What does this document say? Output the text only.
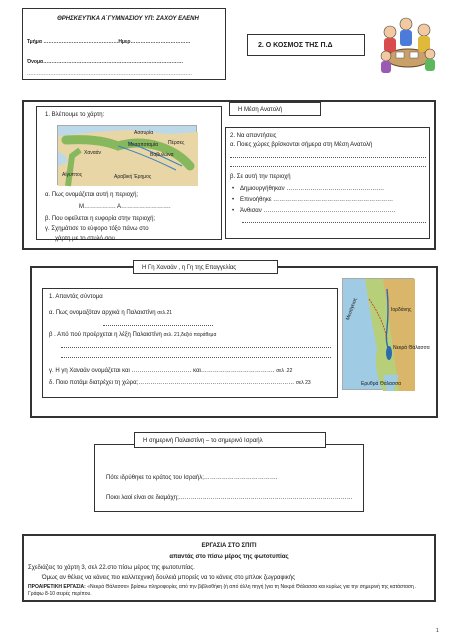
ΘΡΗΣΚΕΥΤΙΚΑ Α΄ΓΥΜΝΑΣΙΟΥ ΥΠ: ΖΑΧΟΥ ΕΛΕΝΗ
Τμήμα ………………………………………Ημερ………………………………
Όνομα…………………………………………………………………………
………………………………………………………………………………………
2. Ο ΚΟΣΜΟΣ ΤΗΣ Π.Δ
Η Μέση Ανατολή
1. Βλέπουμε το χάρτη:
Ασσυρία
Μεσοποταμία
Βαβυλώνα
Αίγυπτος
Χαναάν
Πέρσες
Αραβική Έρημος
α. Πως ονομάζεται αυτή η περιοχή;
Μ……………. Α…………………….
β. Που οφείλεται η ευφορία στην περιοχή;
γ. Σχημάτισε το εύφορο τόξο πάνω στο
χάρτη με το στυλό σου
2. Να απαντήσεις
α. Ποιες χώρες βρίσκονται σήμερα στη Μέση Ανατολή
β. Σε αυτή την περιοχή
• Δημιουργήθηκαν ………………………………………….
• Επινοήθηκε ……………………………………………………
• Άνθισαν …………………………………………………………
Η Γη Χαναάν , η Γη της Επαγγελίας
1. Απαντάς σύντομα
α. Πως ονομαζόταν αρχικά η Παλαιστίνη σελ.21
β . Από πού προέρχεται η λέξη Παλαιστίνη σελ. 21,δεξιό παράθεμα
γ. Η γη Χαναάν ονομάζεται και ………………………… και………………………………. σελ .22
δ. Ποιο ποτάμι διατρέχει τη χώρα;…………………………………………………………………… σελ 23
Μεσόγειος	Ιορδάνης
Νεκρά Θάλασσα
Ερυθρά Θάλασσα
Η σημερινή Παλαιστίνη – το σημερινό Ισραήλ
Πότε ιδρύθηκε το κράτος του Ισραήλ;……………………………….
Ποιοι λαοί είναι σε διαμάχη;……………………………………………………………………………
ΕΡΓΑΣΙΑ ΣΤΟ ΣΠΙΤΙ
απαντάς στο πίσω μέρος της φωτοτυπίας
Σχεδιάζεις το χάρτη 3, σελ 22.στο πίσω μέρος της φωτοτυπίας.
Όμως αν θέλεις να κάνεις πιο καλλιτεχνική δουλειά μπορείς να το κάνεις στο μπλοκ ζωγραφικής
ΠΡΟΑΙΡΕΤΙΚΗ ΕΡΓΑΣΙΑ: «Νεκρά Θάλασσα» βρίσκω πληροφορίες από την βιβλιοθήκη (ή από άλλη πηγή )για τη Νεκρά Θάλασσα και κυρίως για την σημερινή της κατάσταση . Γράφω 8-10 σειρές περίπου.
1
